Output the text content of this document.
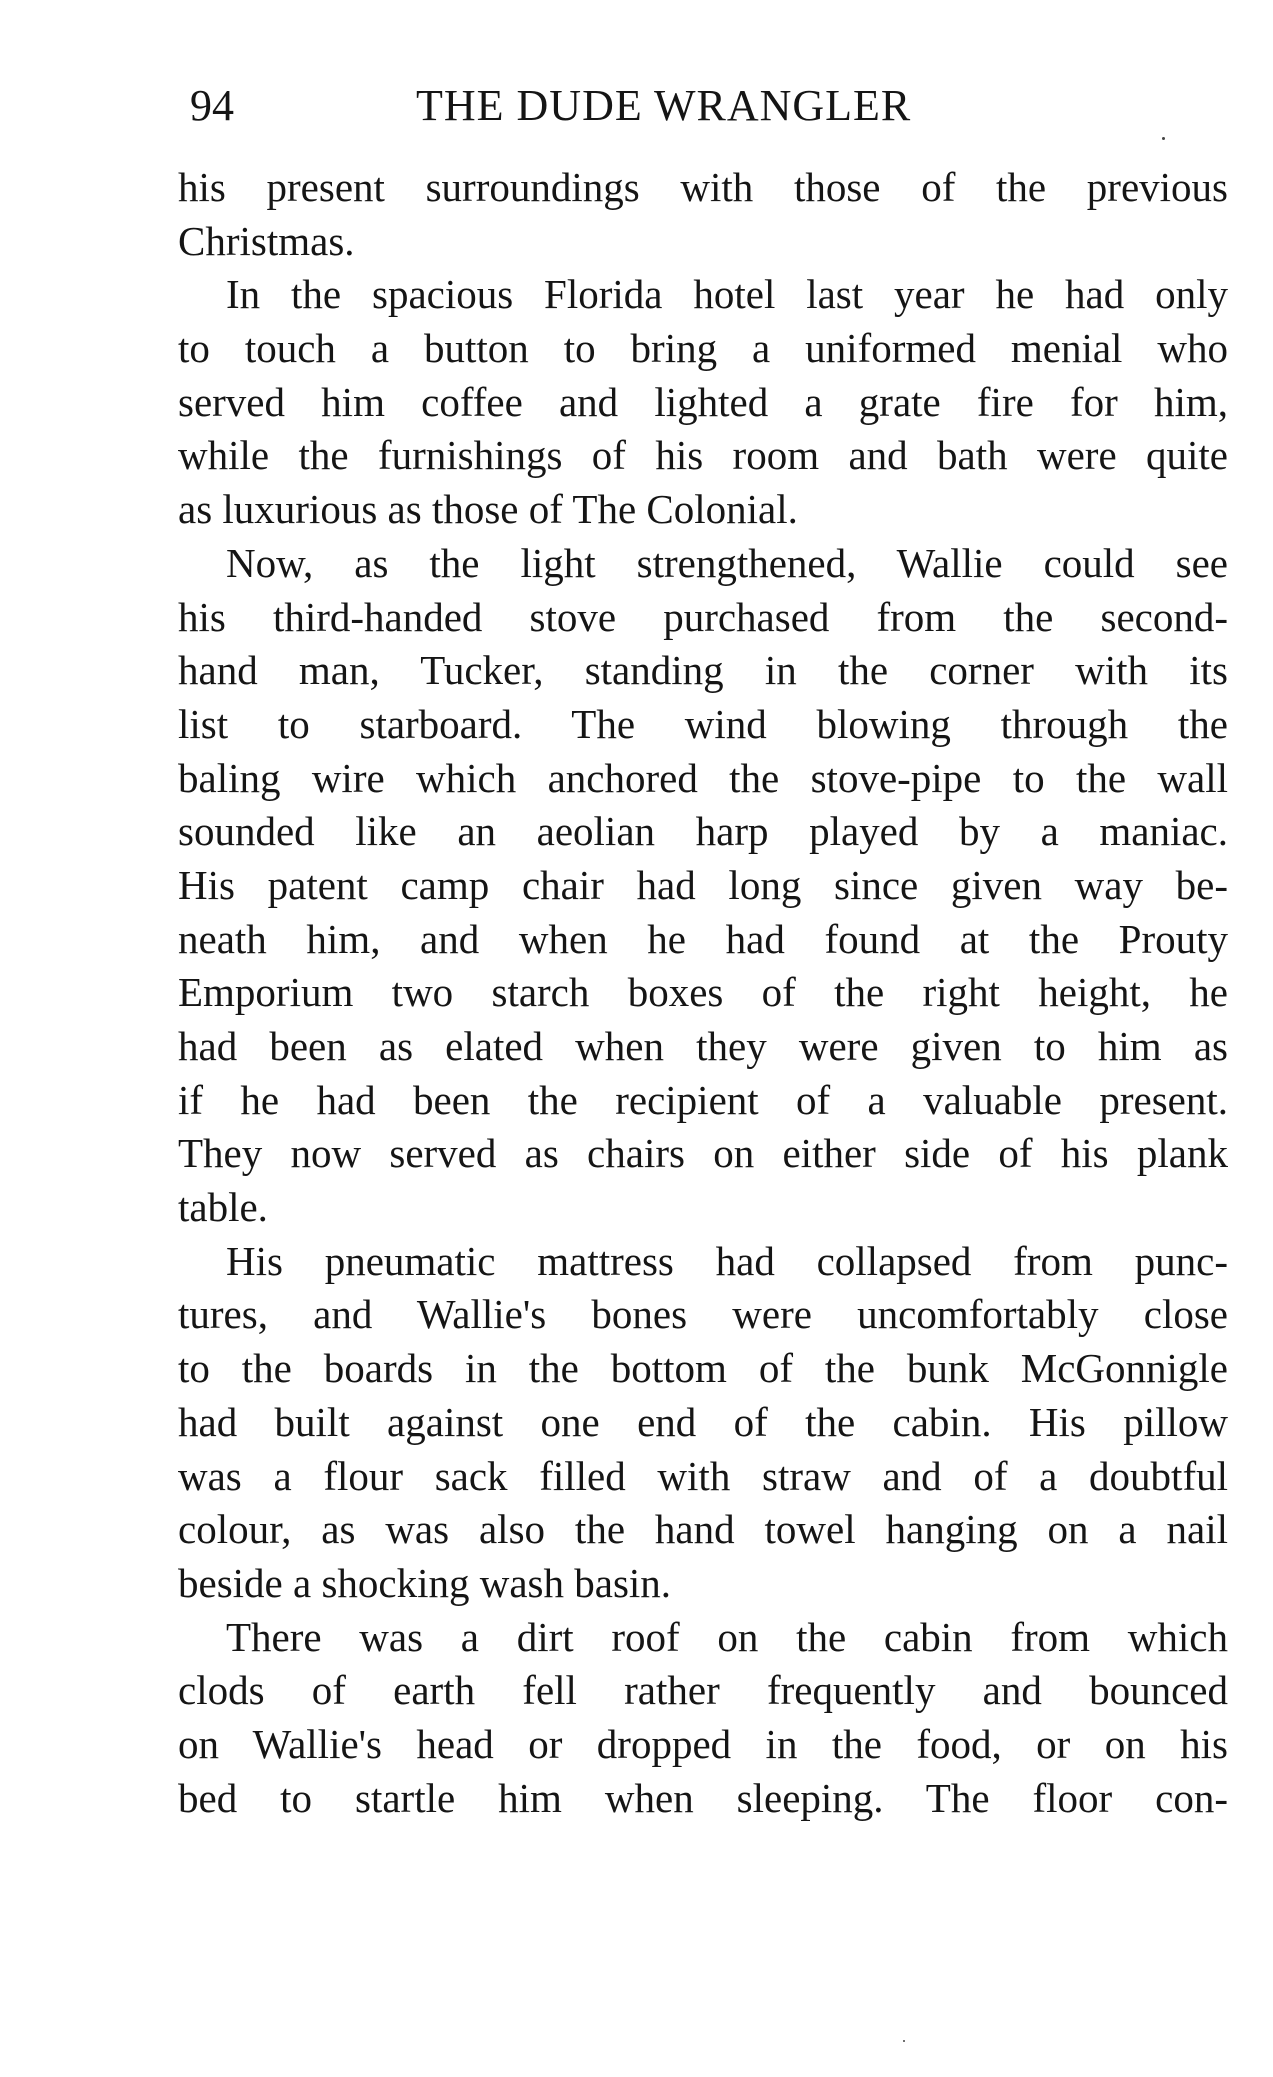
94	THE DUDE WRANGLER
his present surroundings with those of the previous
Christmas.
In the spacious Florida hotel last year he had only
to touch a button to bring a uniformed menial who
served him coffee and lighted a grate fire for him,
while the furnishings of his room and bath were quite
as luxurious as those of The Colonial.
Now, as the light strengthened, Wallie could see
his third-handed stove purchased from the second-
hand man, Tucker, standing in the corner with its
list to starboard. The wind blowing through the
baling wire which anchored the stove-pipe to the wall
sounded like an aeolian harp played by a maniac.
His patent camp chair had long since given way be-
neath him, and when he had found at the Prouty
Emporium two starch boxes of the right height, he
had been as elated when they were given to him as
if he had been the recipient of a valuable present.
They now served as chairs on either side of his plank
table.
His pneumatic mattress had collapsed from punc-
tures, and Wallie's bones were uncomfortably close
to the boards in the bottom of the bunk McGonnigle
had built against one end of the cabin. His pillow
was a flour sack filled with straw and of a doubtful
colour, as was also the hand towel hanging on a nail
beside a shocking wash basin.
There was a dirt roof on the cabin from which
clods of earth fell rather frequently and bounced
on Wallie's head or dropped in the food, or on his
bed to startle him when sleeping. The floor con-
